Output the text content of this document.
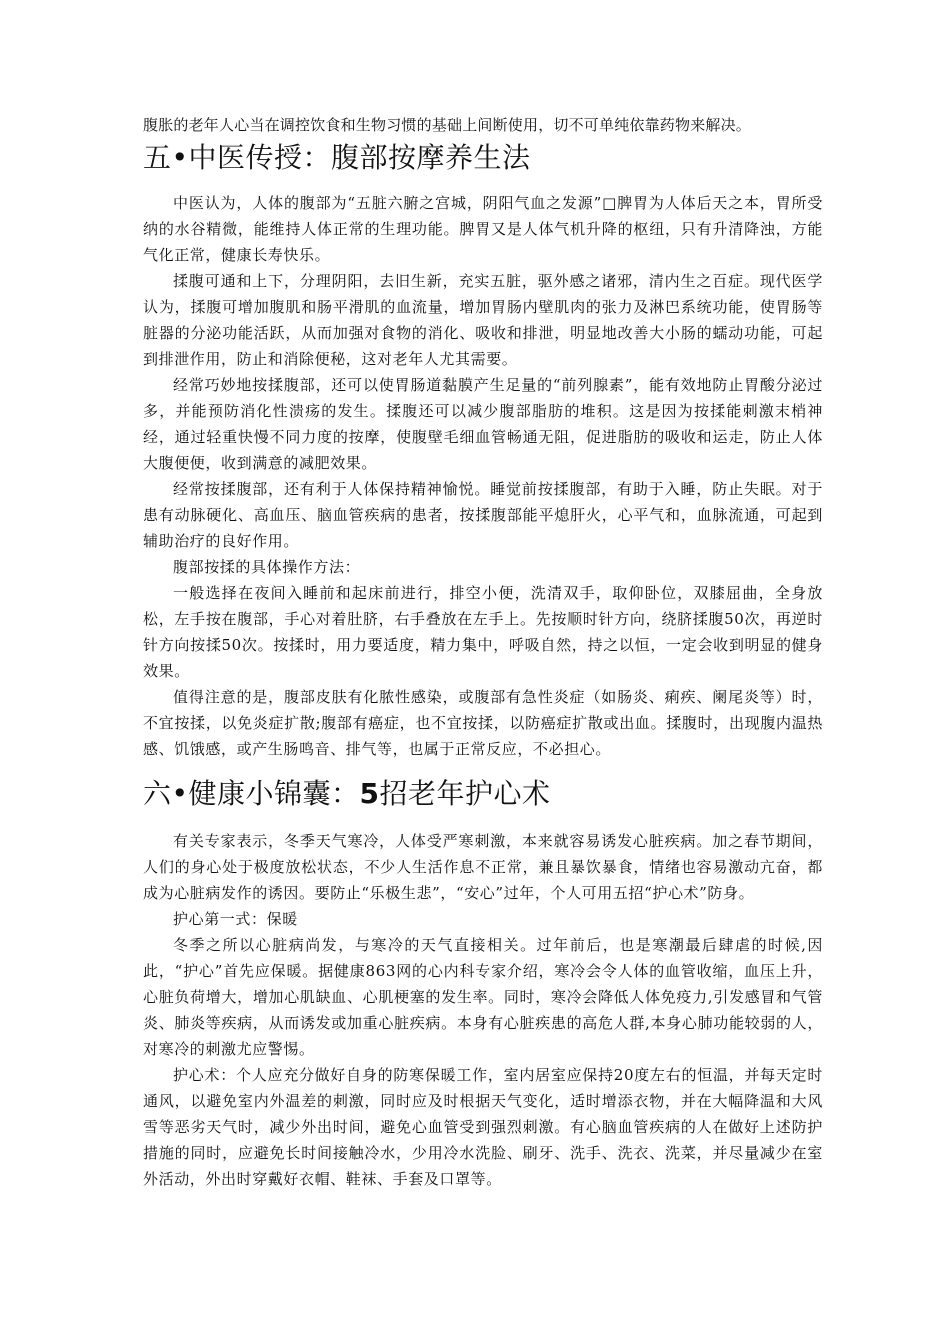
腹胀的老年人心当在调控饮食和生物习惯的基础上间断使用，切不可单纯依靠药物来解决。
五•中医传授：腹部按摩养生法

中医认为，人体的腹部为“五脏六腑之宫城，阴阳气血之发源”□脾胃为人体后天之本，胃所受纳的水谷精微，能维持人体正常的生理功能。脾胃又是人体气机升降的枢纽，只有升清降浊，方能气化正常，健康长寿快乐。

揉腹可通和上下，分理阴阳，去旧生新，充实五脏，驱外感之诸邪，清内生之百症。现代医学认为，揉腹可增加腹肌和肠平滑肌的血流量，增加胃肠内壁肌肉的张力及淋巴系统功能，使胃肠等脏器的分泌功能活跃，从而加强对食物的消化、吸收和排泄，明显地改善大小肠的蠕动功能，可起到排泄作用，防止和消除便秘，这对老年人尤其需要。

经常巧妙地按揉腹部，还可以使胃肠道黏膜产生足量的“前列腺素”，能有效地防止胃酸分泌过多，并能预防消化性溃疡的发生。揉腹还可以减少腹部脂肪的堆积。这是因为按揉能刺激末梢神经，通过轻重快慢不同力度的按摩，使腹壁毛细血管畅通无阻，促进脂肪的吸收和运走，防止人体大腹便便，收到满意的减肥效果。

经常按揉腹部，还有利于人体保持精神愉悦。睡觉前按揉腹部，有助于入睡，防止失眠。对于患有动脉硬化、高血压、脑血管疾病的患者，按揉腹部能平熄肝火，心平气和，血脉流通，可起到辅助治疗的良好作用。

腹部按揉的具体操作方法：

一般选择在夜间入睡前和起床前进行，排空小便，洗清双手，取仰卧位，双膝屈曲，全身放松，左手按在腹部，手心对着肚脐，右手叠放在左手上。先按顺时针方向，绕脐揉腹50次，再逆时针方向按揉50次。按揉时，用力要适度，精力集中，呼吸自然，持之以恒，一定会收到明显的健身效果。

值得注意的是，腹部皮肤有化脓性感染，或腹部有急性炎症（如肠炎、痢疾、阑尾炎等）时，不宜按揉，以免炎症扩散;腹部有癌症，也不宜按揉，以防癌症扩散或出血。揉腹时，出现腹内温热感、饥饿感，或产生肠鸣音、排气等，也属于正常反应，不必担心。

六•健康小锦囊：5招老年护心术

有关专家表示，冬季天气寒冷，人体受严寒刺激，本来就容易诱发心脏疾病。加之春节期间，人们的身心处于极度放松状态，不少人生活作息不正常，兼且暴饮暴食，情绪也容易激动亢奋，都成为心脏病发作的诱因。要防止“乐极生悲”，“安心”过年，个人可用五招“护心术”防身。

护心第一式：保暖

冬季之所以心脏病尚发，与寒冷的天气直接相关。过年前后，也是寒潮最后肆虐的时候,因此，“护心”首先应保暖。据健康863网的心内科专家介绍，寒冷会令人体的血管收缩，血压上升，心脏负荷增大，增加心肌缺血、心肌梗塞的发生率。同时，寒冷会降低人体免疫力,引发感冒和气管炎、肺炎等疾病，从而诱发或加重心脏疾病。本身有心脏疾患的高危人群,本身心肺功能较弱的人，对寒冷的刺激尤应警惕。

护心术：个人应充分做好自身的防寒保暖工作，室内居室应保持20度左右的恒温，并每天定时通风，以避免室内外温差的刺激，同时应及时根据天气变化，适时增添衣物，并在大幅降温和大风雪等恶劣天气时，减少外出时间，避免心血管受到强烈刺激。有心脑血管疾病的人在做好上述防护措施的同时，应避免长时间接触冷水，少用冷水洗脸、刷牙、洗手、洗衣、洗菜，并尽量减少在室外活动，外出时穿戴好衣帽、鞋袜、手套及口罩等。
